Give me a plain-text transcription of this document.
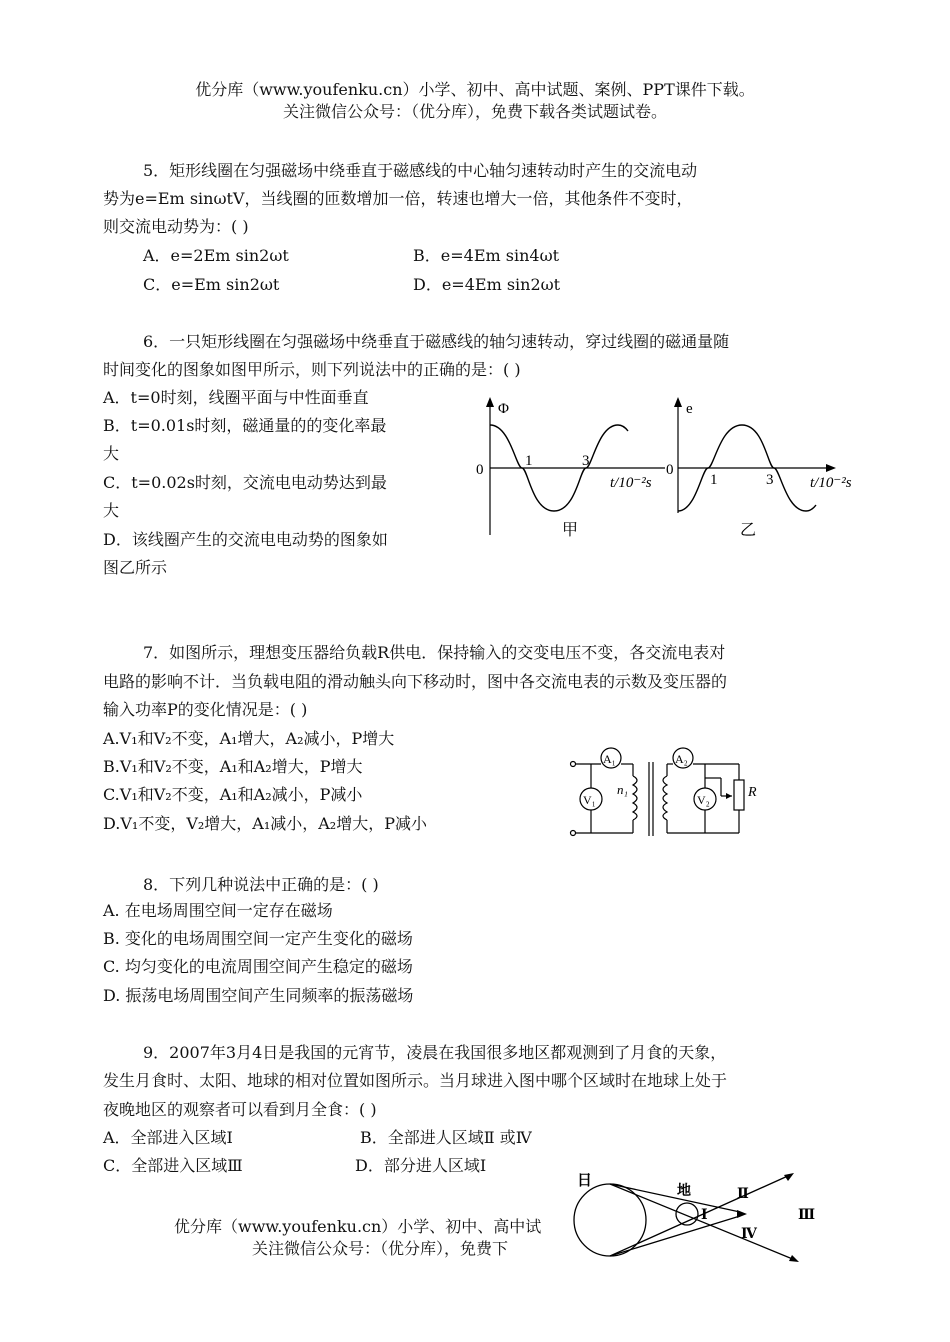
优分库（www.youfenku.cn）小学、初中、高中试题、案例、PPT课件下载。
关注微信公众号：（优分库），免费下载各类试题试卷。
5．矩形线圈在匀强磁场中绕垂直于磁感线的中心轴匀速转动时产生的交流电动
势为e=Em sinωtV，当线圈的匝数增加一倍，转速也增大一倍，其他条件不变时，
则交流电动势为：( )
A．e=2Em sin2ωt	B．e=4Em sin4ωt
C．e=Em sin2ωt	D．e=4Em sin2ωt
6．一只矩形线圈在匀强磁场中绕垂直于磁感线的轴匀速转动，穿过线圈的磁通量随
时间变化的图象如图甲所示，则下列说法中的正确的是：( )
A．t=0时刻，线圈平面与中性面垂直
B．t=0.01s时刻，磁通量的的变化率最
大
C．t=0.02s时刻，交流电电动势达到最
大
D．该线圈产生的交流电电动势的图象如
图乙所示
Φ
0
1	3
t/10⁻²s
甲
e
0
1	3 t/10⁻²s
乙
7．如图所示，理想变压器给负载R供电．保持输入的交变电压不变，各交流电表对
电路的影响不计．当负载电阻的滑动触头向下移动时，图中各交流电表的示数及变压器的
输入功率P的变化情况是：( )
A.V₁和V₂不变，A₁增大，A₂减小，P增大
B.V₁和V₂不变，A₁和A₂增大，P增大
C.V₁和V₂不变，A₁和A₂减小，P减小
D.V₁不变，V₂增大，A₁减小，A₂增大，P减小
A₁
V₁
A₂
V₂
n₁	R
8．下列几种说法中正确的是：( )
A. 在电场周围空间一定存在磁场
B. 变化的电场周围空间一定产生变化的磁场
C. 均匀变化的电流周围空间产生稳定的磁场
D. 振荡电场周围空间产生同频率的振荡磁场
9．2007年3月4日是我国的元宵节，凌晨在我国很多地区都观测到了月食的天象，
发生月食时、太阳、地球的相对位置如图所示。当月球进入图中哪个区域时在地球上处于
夜晚地区的观察者可以看到月全食：( )
A．全部进入区域Ⅰ	B．全部进人区域Ⅱ 或Ⅳ
C．全部进入区域Ⅲ	D．部分进人区域Ⅰ
日
地
Ⅰ
Ⅱ
Ⅲ
Ⅳ
优分库（www.youfenku.cn）小学、初中、高中试
关注微信公众号：（优分库），免费下
